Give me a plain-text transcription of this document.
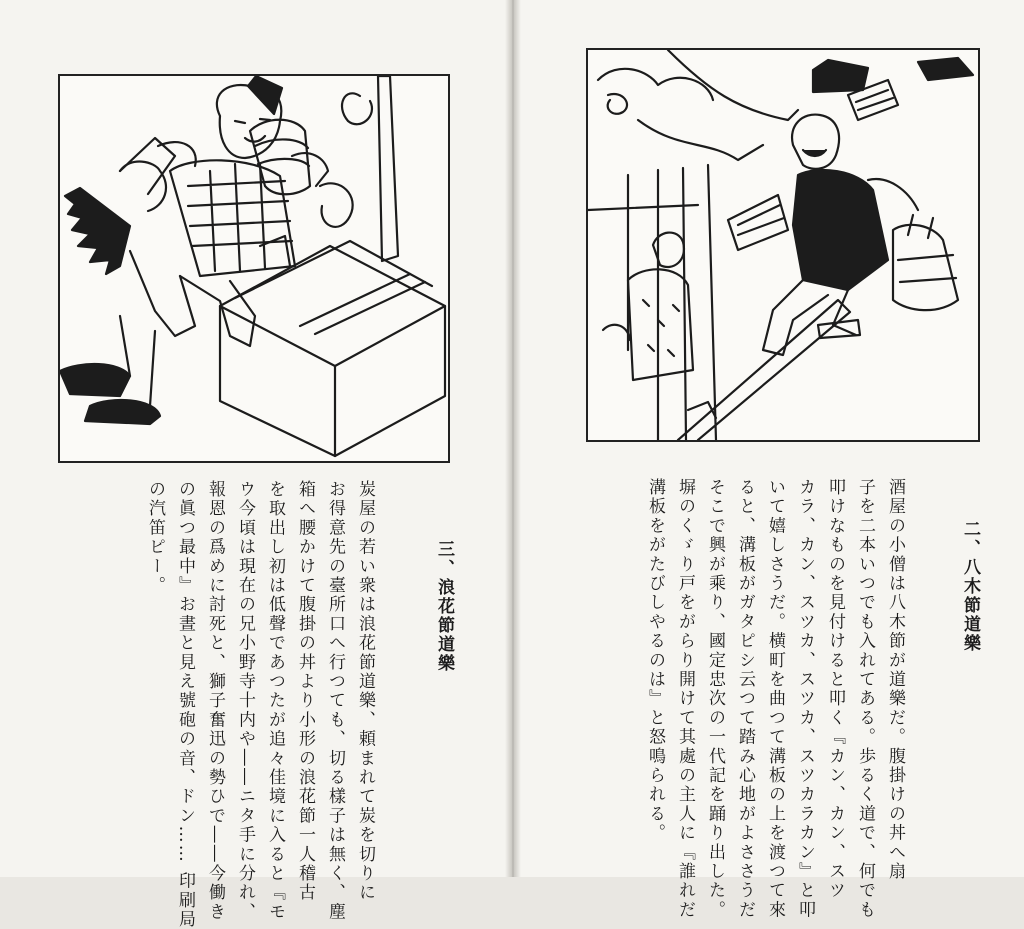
二、八木節道樂
酒屋の小僧は八木節が道樂だ。腹掛けの丼へ扇
子を二本いつでも入れてある。歩るく道で、何でも
叩けなものを見付けると叩く『カン、カン、スツ
カラ、カン、スツカ、スツカ、スツカラカン』と叩
いて嬉しさうだ。横町を曲つて溝板の上を渡つて來
ると、溝板がガタピシ云つて踏み心地がよささうだ
そこで興が乘り、國定忠次の一代記を踊り出した。
塀のくゞり戸をがらり開けて其處の主人に『誰れだ
溝板をがたびしやるのは』と怒鳴られる。
三、浪花節道樂
炭屋の若い衆は浪花節道樂、頼まれて炭を切りに
お得意先の臺所口へ行つても、切る樣子は無く、塵
箱へ腰かけて腹掛の丼より小形の浪花節一人稽古
を取出し初は低聲であつたが追々佳境に入ると『モ
ウ今頃は現在の兄小野寺十内や――ニタ手に分れ、
報恩の爲めに討死と、獅子奮迅の勢ひで――今働き
の眞つ最中』お晝と見え號砲の音、ドン…… 印刷局
の汽笛ピー。
